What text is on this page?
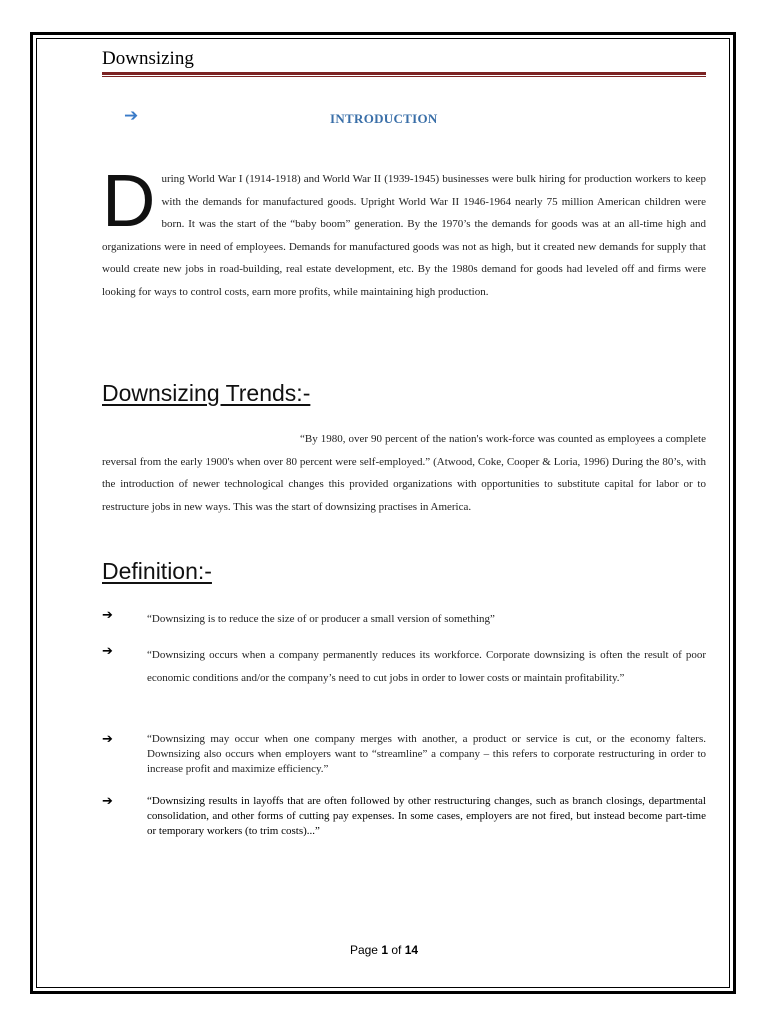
Downsizing
➔	INTRODUCTION
D uring World War I (1914-1918) and World War II (1939-1945) businesses were bulk hiring for production workers to keep with the demands for manufactured goods. Upright World War II 1946-1964 nearly 75 million American children were born. It was the start of the “baby boom” generation. By the 1970’s the demands for goods was at an all-time high and organizations were in need of employees. Demands for manufactured goods was not as high, but it created new demands for supply that would create new jobs in road-building, real estate development, etc. By the 1980s demand for goods had leveled off and firms were looking for ways to control costs, earn more profits, while maintaining high production.
Downsizing Trends:-
“By 1980, over 90 percent of the nation's work-force was counted as employees a complete reversal from the early 1900's when over 80 percent were self-employed.” (Atwood, Coke, Cooper & Loria, 1996) During the 80’s, with the introduction of newer technological changes this provided organizations with opportunities to substitute capital for labor or to restructure jobs in new ways. This was the start of downsizing practises in America.
Definition:-
➔	“Downsizing is to reduce the size of or producer a small version of something”
➔	“Downsizing occurs when a company permanently reduces its workforce. Corporate downsizing is often the result of poor economic conditions and/or the company’s need to cut jobs in order to lower costs or maintain profitability.”
➔	“Downsizing may occur when one company merges with another, a product or service is cut, or the economy falters. Downsizing also occurs when employers want to “streamline” a company – this refers to corporate restructuring in order to increase profit and maximize efficiency.”
➔	“Downsizing results in layoffs that are often followed by other restructuring changes, such as branch closings, departmental consolidation, and other forms of cutting pay expenses. In some cases, employers are not fired, but instead become part-time or temporary workers (to trim costs)...”
Page 1 of 14
